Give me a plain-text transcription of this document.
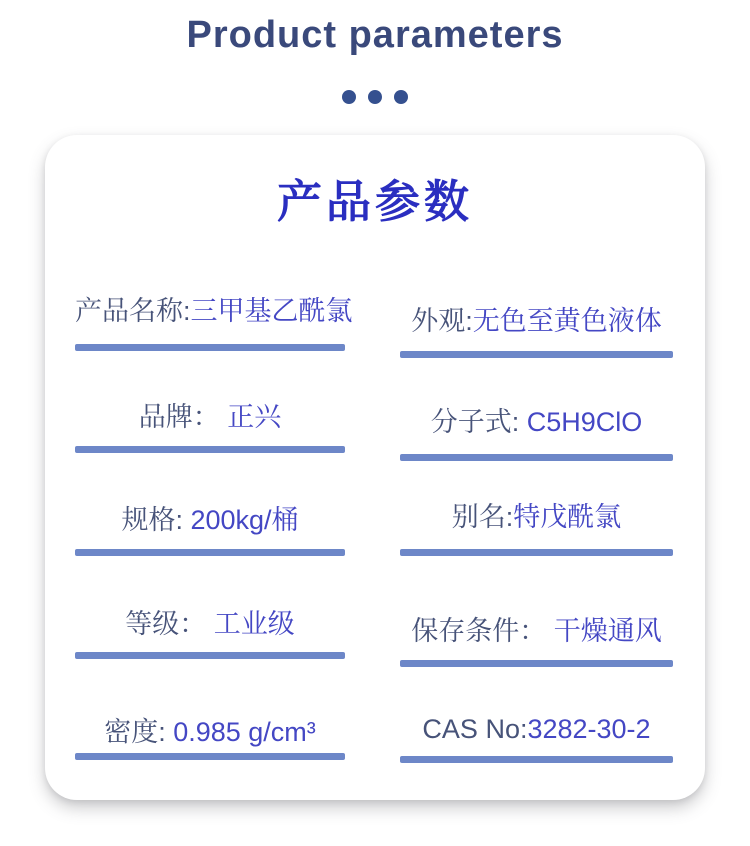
Product parameters
产品参数
产品名称:三甲基乙酰氯	外观:无色至黄色液体
品牌： 正兴	分子式: C5H9ClO
规格: 200kg/桶	别名:特戊酰氯
等级： 工业级	保存条件： 干燥通风
密度: 0.985 g/cm³	CAS No:3282-30-2
